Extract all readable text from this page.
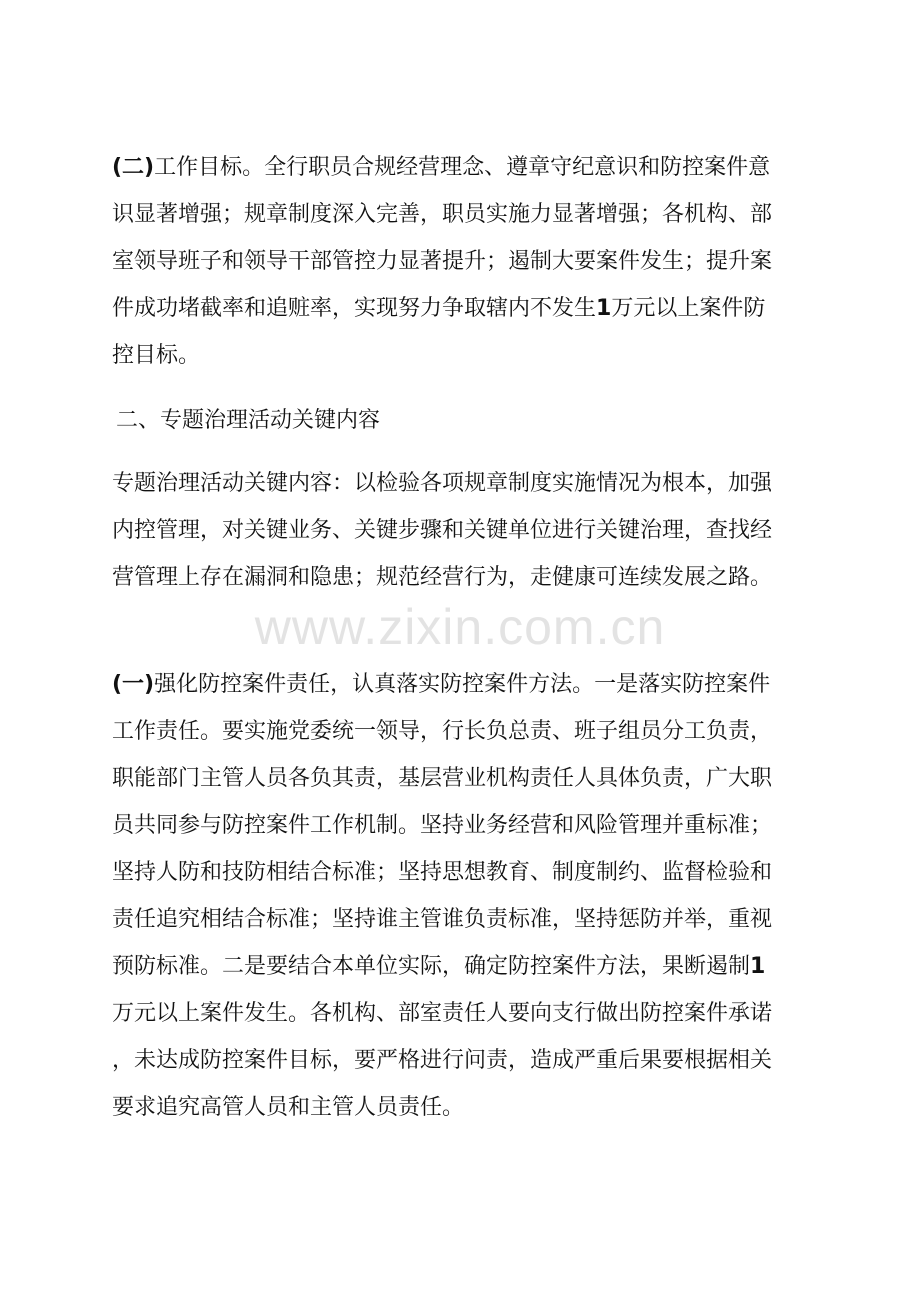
(二)工作目标。全行职员合规经营理念、遵章守纪意识和防控案件意
识显著增强；规章制度深入完善，职员实施力显著增强；各机构、部
室领导班子和领导干部管控力显著提升；遏制大要案件发生；提升案
件成功堵截率和追赃率，实现努力争取辖内不发生1万元以上案件防
控目标。
二、专题治理活动关键内容
专题治理活动关键内容：以检验各项规章制度实施情况为根本，加强
内控管理，对关键业务、关键步骤和关键单位进行关键治理，查找经
营管理上存在漏洞和隐患；规范经营行为，走健康可连续发展之路。
www.zixin.com.cn
(一)强化防控案件责任，认真落实防控案件方法。一是落实防控案件
工作责任。要实施党委统一领导，行长负总责、班子组员分工负责，
职能部门主管人员各负其责，基层营业机构责任人具体负责，广大职
员共同参与防控案件工作机制。坚持业务经营和风险管理并重标准；
坚持人防和技防相结合标准；坚持思想教育、制度制约、监督检验和
责任追究相结合标准；坚持谁主管谁负责标准，坚持惩防并举，重视
预防标准。二是要结合本单位实际，确定防控案件方法，果断遏制1
万元以上案件发生。各机构、部室责任人要向支行做出防控案件承诺
，未达成防控案件目标，要严格进行问责，造成严重后果要根据相关
要求追究高管人员和主管人员责任。
